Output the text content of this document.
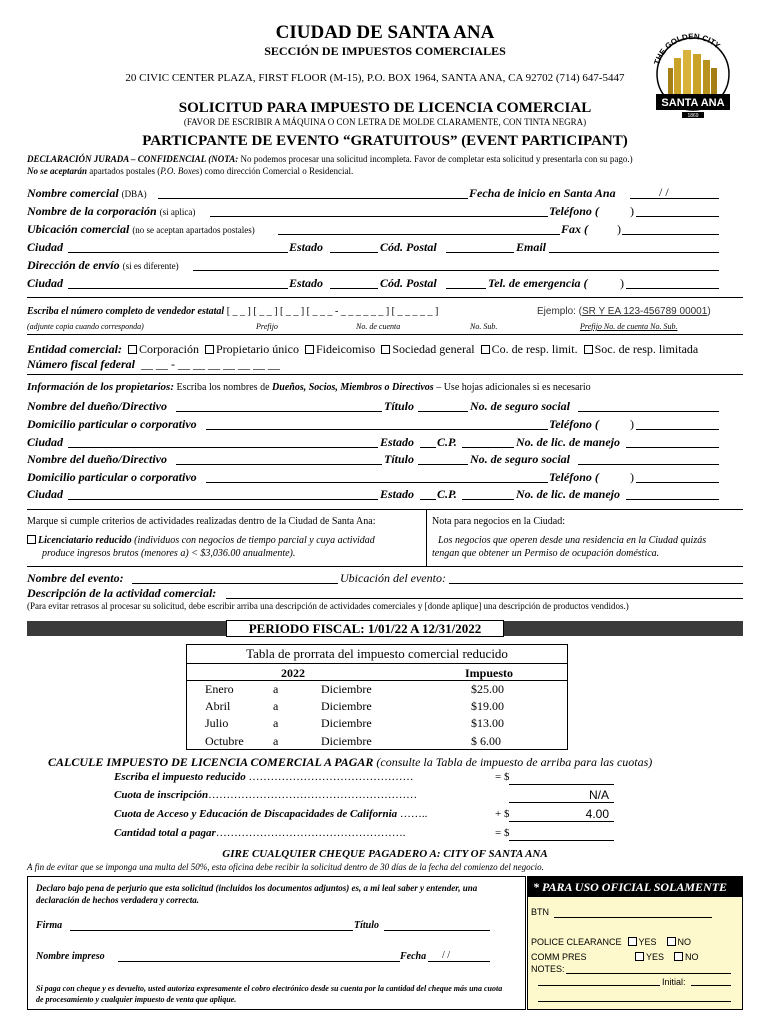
CIUDAD DE SANTA ANA
SECCIÓN DE IMPUESTOS COMERCIALES
20 CIVIC CENTER PLAZA, FIRST FLOOR (M-15), P.O. BOX 1964, SANTA ANA, CA 92702 (714) 647-5447
THE GOLDEN CITY
SANTA ANA
1869
SOLICITUD PARA IMPUESTO DE LICENCIA COMERCIAL
(FAVOR DE ESCRIBIR A MÁQUINA O CON LETRA DE MOLDE CLARAMENTE, CON TINTA NEGRA)
PARTICPANTE DE EVENTO “GRATUITOUS” (EVENT PARTICIPANT)
DECLARACIÓN JURADA – CONFIDENCIAL (NOTA: No podemos procesar una solicitud incompleta. Favor de completar esta solicitud y presentarla con su pago.)
No se aceptarán apartados postales (P.O. Boxes) como dirección Comercial o Residencial.
Nombre comercial (DBA)	Fecha de inicio en Santa Ana	/ /
Nombre de la corporación (si aplica)	Teléfono (	)
Ubicación comercial (no se aceptan apartados postales)	Fax ( )
Ciudad	Estado	Cód. Postal	Email
Dirección de envío (si es diferente)
Ciudad	Estado	Cód. Postal	Tel. de emergencia (	)
Escriba el número completo de vendedor estatal [ _ _ ] [ _ _ ] [ _ _ ] [ _ _ _ - _ _ _ _ _ _ ] [ _ _ _ _ _ ]	Ejemplo: (SR Y EA 123-456789 00001)
(adjunte copia cuando corresponda)	Prefijo	No. de cuenta	No. Sub.	Prefijo No. de cuenta No. Sub.
Entidad comercial: Corporación Propietario único Fideicomiso Sociedad general Co. de resp. limit. Soc. de resp. limitada
Número fiscal federal __ __ - __ __ __ __ __ __ __
Información de los propietarios: Escriba los nombres de Dueños, Socios, Miembros o Directivos – Use hojas adicionales si es necesario
Nombre del dueño/Directivo	Título	No. de seguro social
Domicilio particular o corporativo	Teléfono (	)
Ciudad	Estado C.P.	No. de lic. de manejo
Nombre del dueño/Directivo	Título	No. de seguro social
Domicilio particular o corporativo	Teléfono (	)
Ciudad	Estado C.P.	No. de lic. de manejo
Marque si cumple criterios de actividades realizadas dentro de la Ciudad de Santa Ana:
Licenciatario reducido (individuos con negocios de tiempo parcial y cuya actividad
produce ingresos brutos (menores a) < $3,036.00 anualmente).
Nota para negocios en la Ciudad:
Los negocios que operen desde una residencia en la Ciudad quizás
tengan que obtener un Permiso de ocupación doméstica.
Nombre del evento:	Ubicación del evento:
Descripción de la actividad comercial:
(Para evitar retrasos al procesar su solicitud, debe escribir arriba una descripción de actividades comerciales y [donde aplique] una descripción de productos vendidos.)
PERIODO FISCAL: 1/01/22 A 12/31/2022
Tabla de prorrata del impuesto comercial reducido
2022	Impuesto
Enero	a	Diciembre	$25.00
Abril	a	Diciembre	$19.00
Julio	a	Diciembre	$13.00
Octubre a	Diciembre	$ 6.00
CALCULE IMPUESTO DE LICENCIA COMERCIAL A PAGAR (consulte la Tabla de impuesto de arriba para las cuotas)
Escriba el impuesto reducido ………………………………………	= $
Cuota de inscripción…………………………………………………	N/A
Cuota de Acceso y Educación de Discapacidades de California ……..	+ $	4.00
Cantidad total a pagar…………………………………………….	= $
GIRE CUALQUIER CHEQUE PAGADERO A: CITY OF SANTA ANA
A fin de evitar que se imponga una multa del 50%, esta oficina debe recibir la solicitud dentro de 30 días de la fecha del comienzo del negocio.
Declaro bajo pena de perjurio que esta solicitud (incluidos los documentos adjuntos) es, a mi leal saber y entender, una declaración de hechos verdadera y correcta.
Firma	Título
Nombre impreso	Fecha / /
Si paga con cheque y es devuelto, usted autoriza expresamente el cobro electrónico desde su cuenta por la cantidad del cheque más una cuota de procesamiento y cualquier impuesto de venta que aplique.
* PARA USO OFICIAL SOLAMENTE
BTN
POLICE CLEARANCE YES NO
COMM PRES	YES NO
NOTES:
Initial:
